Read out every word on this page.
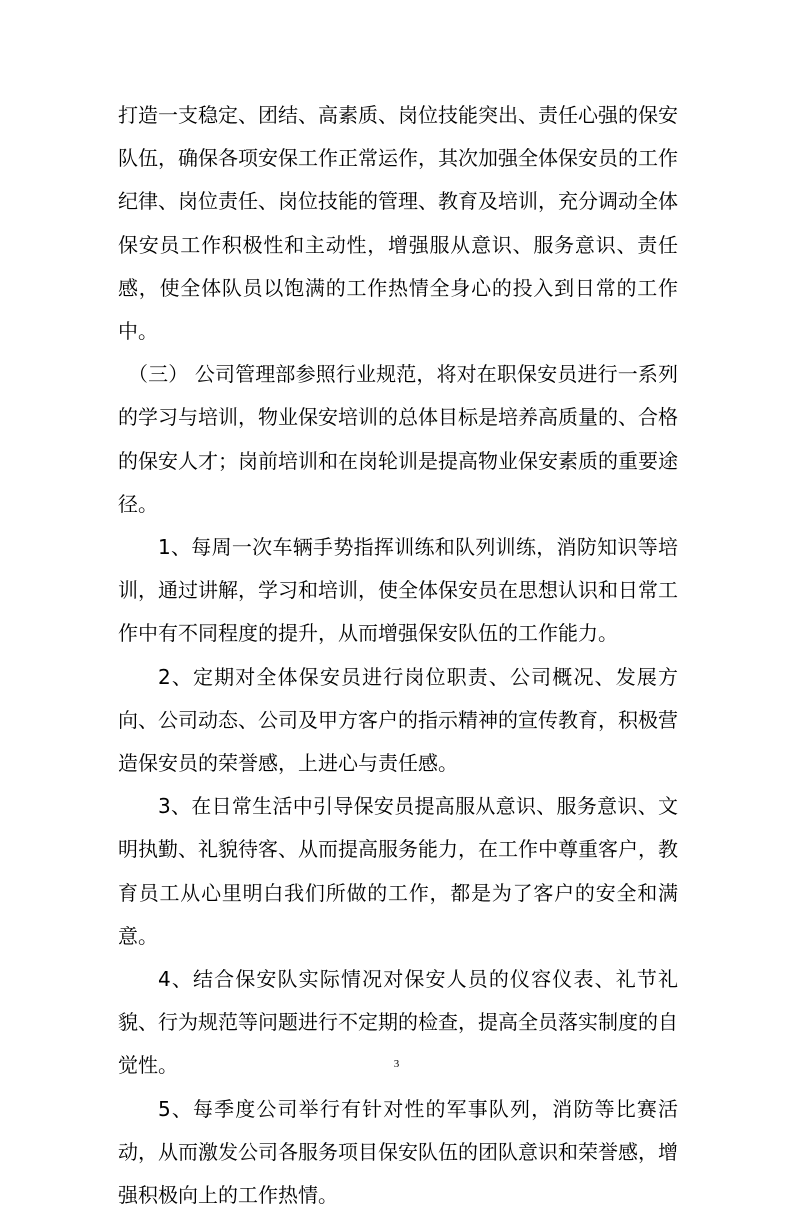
打造一支稳定、团结、高素质、岗位技能突出、责任心强的保安队伍，确保各项安保工作正常运作，其次加强全体保安员的工作纪律、岗位责任、岗位技能的管理、教育及培训，充分调动全体保安员工作积极性和主动性，增强服从意识、服务意识、责任感，使全体队员以饱满的工作热情全身心的投入到日常的工作中。

（三） 公司管理部参照行业规范，将对在职保安员进行一系列的学习与培训，物业保安培训的总体目标是培养高质量的、合格的保安人才；岗前培训和在岗轮训是提高物业保安素质的重要途径。

1、每周一次车辆手势指挥训练和队列训练，消防知识等培训，通过讲解，学习和培训，使全体保安员在思想认识和日常工作中有不同程度的提升，从而增强保安队伍的工作能力。

2、定期对全体保安员进行岗位职责、公司概况、发展方向、公司动态、公司及甲方客户的指示精神的宣传教育，积极营造保安员的荣誉感，上进心与责任感。

3、在日常生活中引导保安员提高服从意识、服务意识、文明执勤、礼貌待客、从而提高服务能力，在工作中尊重客户，教育员工从心里明白我们所做的工作，都是为了客户的安全和满意。

4、结合保安队实际情况对保安人员的仪容仪表、礼节礼貌、行为规范等问题进行不定期的检查，提高全员落实制度的自觉性。

5、每季度公司举行有针对性的军事队列，消防等比赛活动，从而激发公司各服务项目保安队伍的团队意识和荣誉感，增强积极向上的工作热情。

3
